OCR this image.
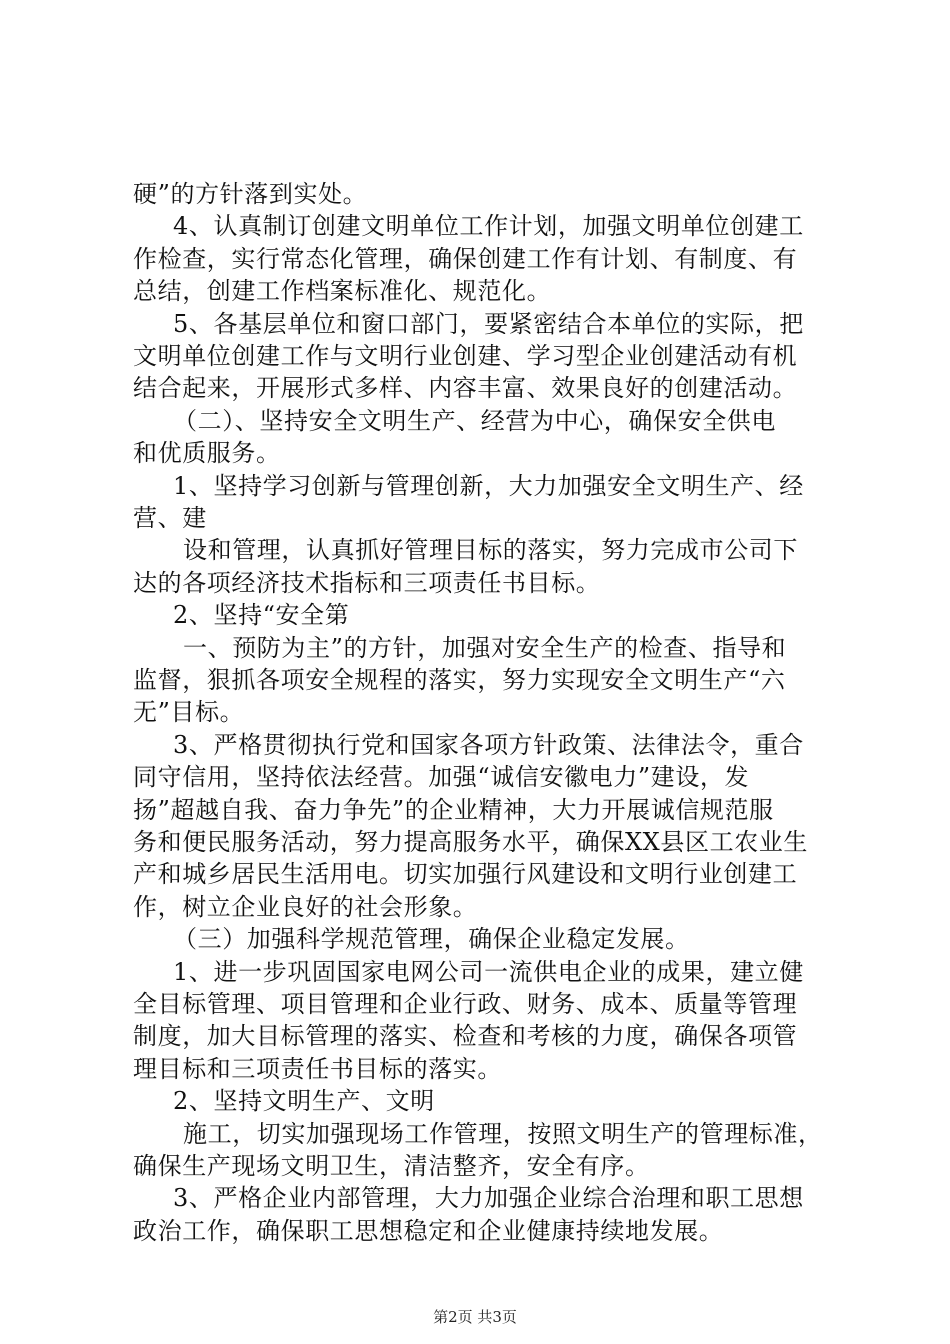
硬”的方针落到实处。
4、认真制订创建文明单位工作计划，加强文明单位创建工
作检查，实行常态化管理，确保创建工作有计划、有制度、有
总结，创建工作档案标准化、规范化。
5、各基层单位和窗口部门，要紧密结合本单位的实际，把
文明单位创建工作与文明行业创建、学习型企业创建活动有机
结合起来，开展形式多样、内容丰富、效果良好的创建活动。
（二）、坚持安全文明生产、经营为中心，确保安全供电
和优质服务。
1、坚持学习创新与管理创新，大力加强安全文明生产、经
营、建
设和管理，认真抓好管理目标的落实，努力完成市公司下
达的各项经济技术指标和三项责任书目标。
2、坚持“安全第
一、预防为主”的方针，加强对安全生产的检查、指导和
监督，狠抓各项安全规程的落实，努力实现安全文明生产“六
无”目标。
3、严格贯彻执行党和国家各项方针政策、法律法令，重合
同守信用，坚持依法经营。加强“诚信安徽电力”建设，发
扬”超越自我、奋力争先”的企业精神，大力开展诚信规范服
务和便民服务活动，努力提高服务水平，确保XX县区工农业生
产和城乡居民生活用电。切实加强行风建设和文明行业创建工
作，树立企业良好的社会形象。
（三）加强科学规范管理，确保企业稳定发展。
1、进一步巩固国家电网公司一流供电企业的成果，建立健
全目标管理、项目管理和企业行政、财务、成本、质量等管理
制度，加大目标管理的落实、检查和考核的力度，确保各项管
理目标和三项责任书目标的落实。
2、坚持文明生产、文明
施工，切实加强现场工作管理，按照文明生产的管理标准，
确保生产现场文明卫生，清洁整齐，安全有序。
3、严格企业内部管理，大力加强企业综合治理和职工思想
政治工作，确保职工思想稳定和企业健康持续地发展。
第2页 共3页
